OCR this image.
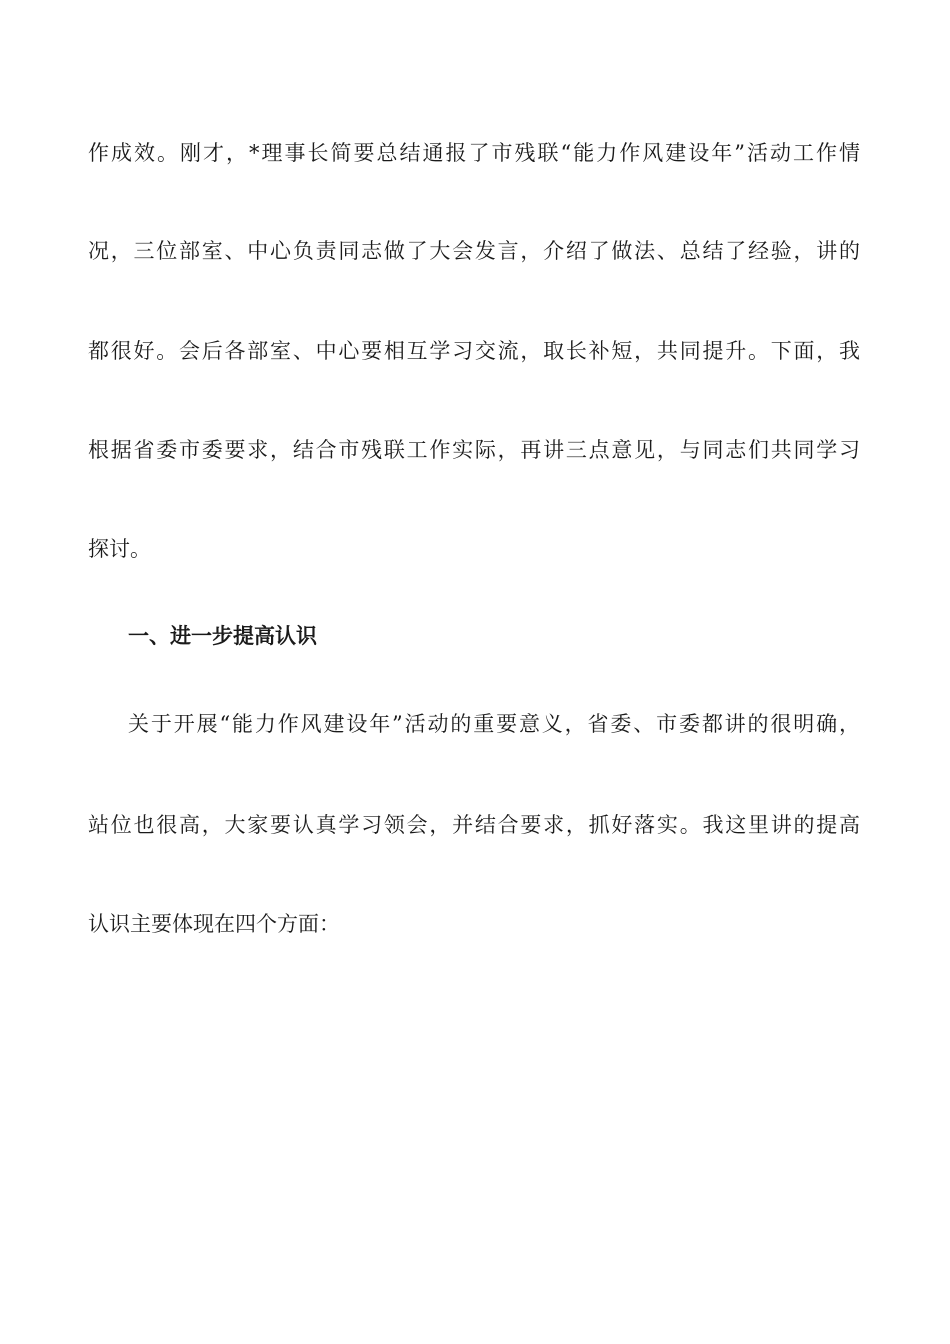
作成效。刚才，*理事长简要总结通报了市残联“能力作风建设年”活动工作情
况，三位部室、中心负责同志做了大会发言，介绍了做法、总结了经验，讲的
都很好。会后各部室、中心要相互学习交流，取长补短，共同提升。下面，我
根据省委市委要求，结合市残联工作实际，再讲三点意见，与同志们共同学习
探讨。
一、进一步提高认识
关于开展“能力作风建设年”活动的重要意义，省委、市委都讲的很明确，
站位也很高，大家要认真学习领会，并结合要求，抓好落实。我这里讲的提高
认识主要体现在四个方面：
